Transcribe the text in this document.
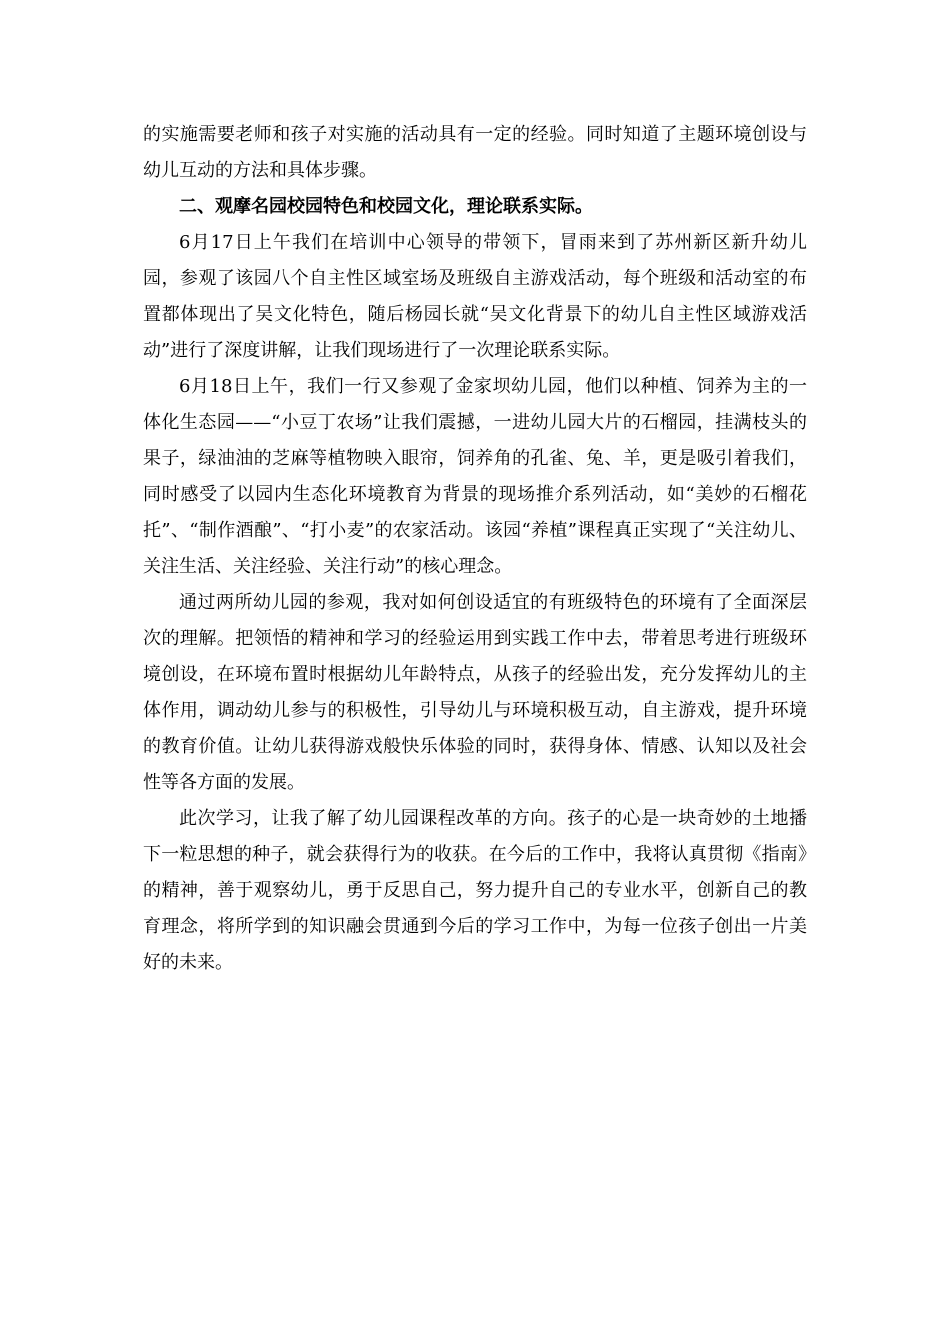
的实施需要老师和孩子对实施的活动具有一定的经验。同时知道了主题环境创设与幼儿互动的方法和具体步骤。

二、观摩名园校园特色和校园文化，理论联系实际。

6月17日上午我们在培训中心领导的带领下，冒雨来到了苏州新区新升幼儿园，参观了该园八个自主性区域室场及班级自主游戏活动，每个班级和活动室的布置都体现出了吴文化特色，随后杨园长就“吴文化背景下的幼儿自主性区域游戏活动”进行了深度讲解，让我们现场进行了一次理论联系实际。

6月18日上午，我们一行又参观了金家坝幼儿园，他们以种植、饲养为主的一体化生态园——“小豆丁农场”让我们震撼，一进幼儿园大片的石榴园，挂满枝头的果子，绿油油的芝麻等植物映入眼帘，饲养角的孔雀、兔、羊，更是吸引着我们，同时感受了以园内生态化环境教育为背景的现场推介系列活动，如“美妙的石榴花托”、“制作酒酿”、“打小麦”的农家活动。该园“养植”课程真正实现了“关注幼儿、关注生活、关注经验、关注行动”的核心理念。

通过两所幼儿园的参观，我对如何创设适宜的有班级特色的环境有了全面深层次的理解。把领悟的精神和学习的经验运用到实践工作中去，带着思考进行班级环境创设，在环境布置时根据幼儿年龄特点，从孩子的经验出发，充分发挥幼儿的主体作用，调动幼儿参与的积极性，引导幼儿与环境积极互动，自主游戏，提升环境的教育价值。让幼儿获得游戏般快乐体验的同时，获得身体、情感、认知以及社会性等各方面的发展。

此次学习，让我了解了幼儿园课程改革的方向。孩子的心是一块奇妙的土地播下一粒思想的种子，就会获得行为的收获。在今后的工作中，我将认真贯彻《指南》的精神，善于观察幼儿，勇于反思自己，努力提升自己的专业水平，创新自己的教育理念，将所学到的知识融会贯通到今后的学习工作中，为每一位孩子创出一片美好的未来。
